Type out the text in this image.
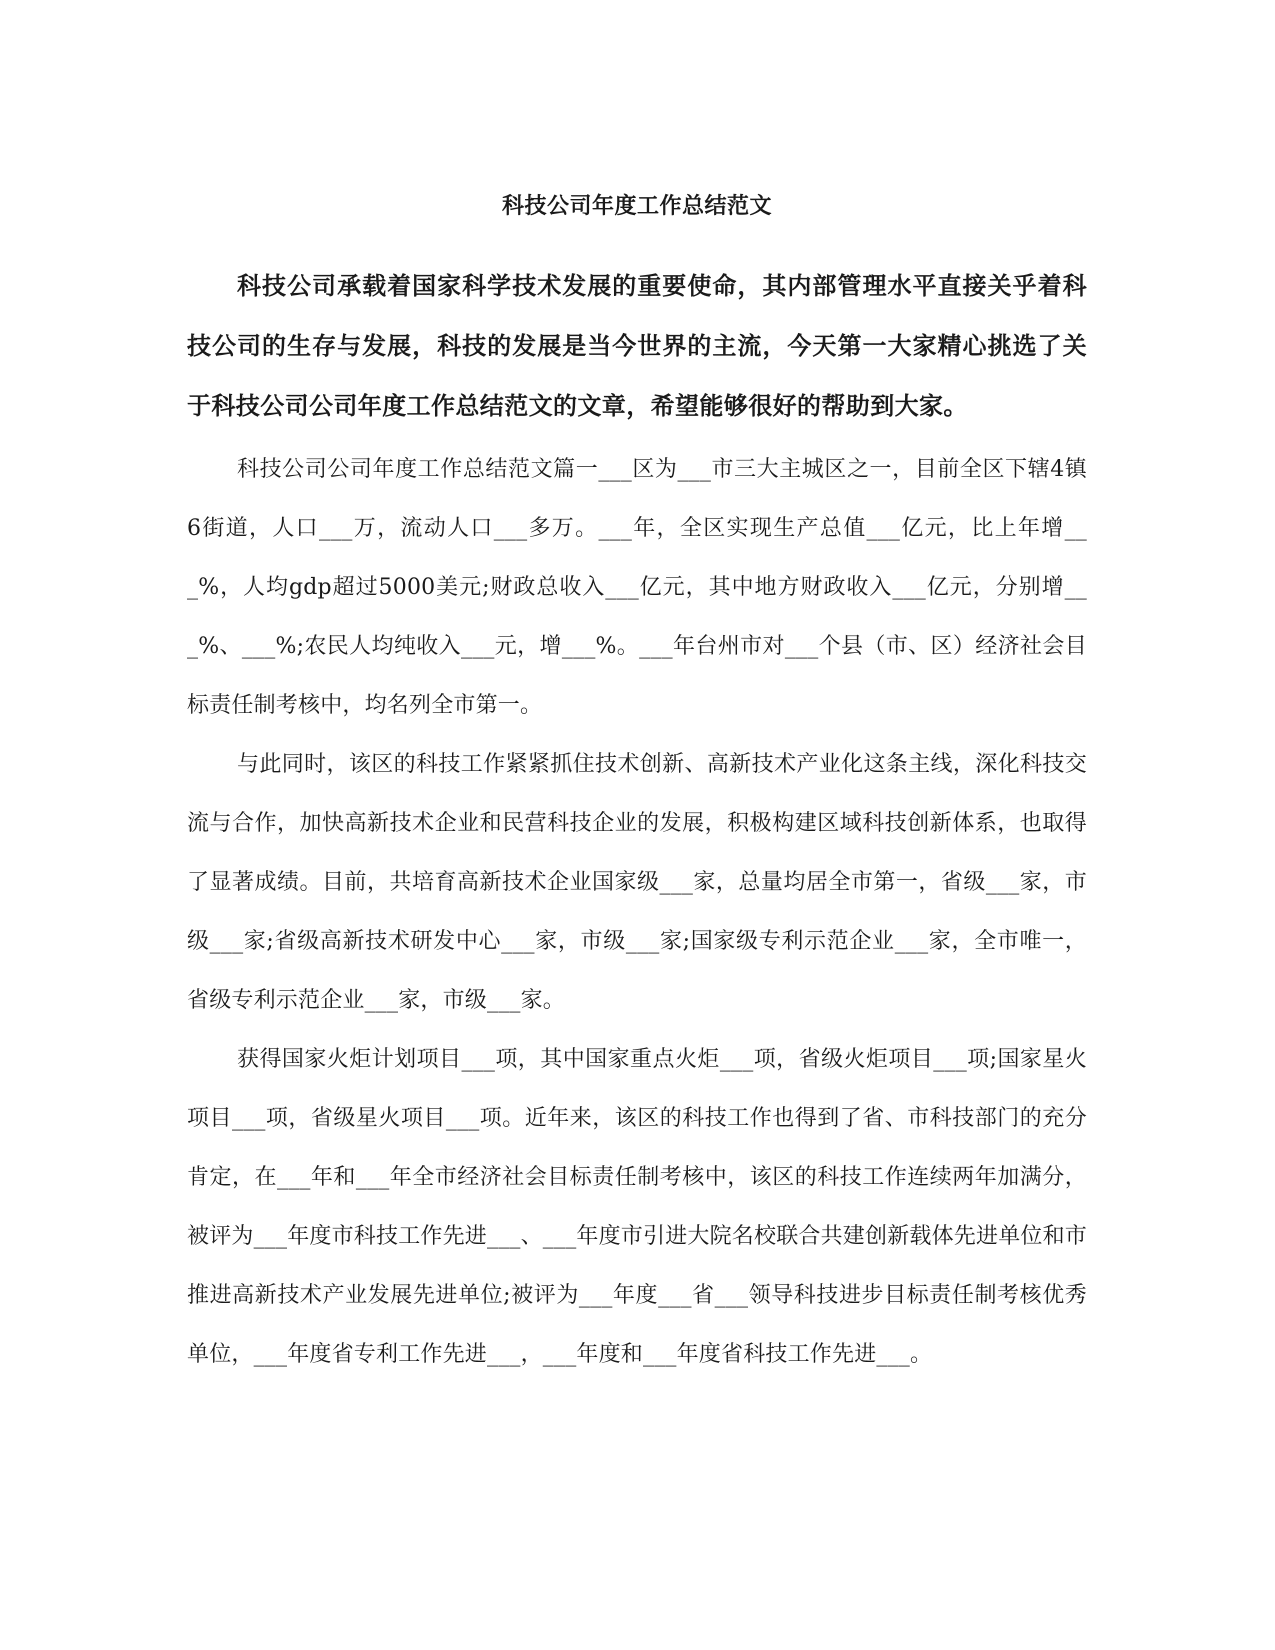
科技公司年度工作总结范文

科技公司承载着国家科学技术发展的重要使命，其内部管理水平直接关乎着科技公司的生存与发展，科技的发展是当今世界的主流，今天第一大家精心挑选了关于科技公司公司年度工作总结范文的文章，希望能够很好的帮助到大家。

科技公司公司年度工作总结范文篇一___区为___市三大主城区之一，目前全区下辖4镇6街道，人口___万，流动人口___多万。___年，全区实现生产总值___亿元，比上年增___%，人均gdp超过5000美元;财政总收入___亿元，其中地方财政收入___亿元，分别增___%、___%;农民人均纯收入___元，增___%。___年台州市对___个县（市、区）经济社会目标责任制考核中，均名列全市第一。

与此同时，该区的科技工作紧紧抓住技术创新、高新技术产业化这条主线，深化科技交流与合作，加快高新技术企业和民营科技企业的发展，积极构建区域科技创新体系，也取得了显著成绩。目前，共培育高新技术企业国家级___家，总量均居全市第一，省级___家，市级___家;省级高新技术研发中心___家，市级___家;国家级专利示范企业___家，全市唯一，省级专利示范企业___家，市级___家。

获得国家火炬计划项目___项，其中国家重点火炬___项，省级火炬项目___项;国家星火项目___项，省级星火项目___项。近年来，该区的科技工作也得到了省、市科技部门的充分肯定，在___年和___年全市经济社会目标责任制考核中，该区的科技工作连续两年加满分，被评为___年度市科技工作先进___、___年度市引进大院名校联合共建创新载体先进单位和市推进高新技术产业发展先进单位;被评为___年度___省___领导科技进步目标责任制考核优秀单位，___年度省专利工作先进___，___年度和___年度省科技工作先进___。
